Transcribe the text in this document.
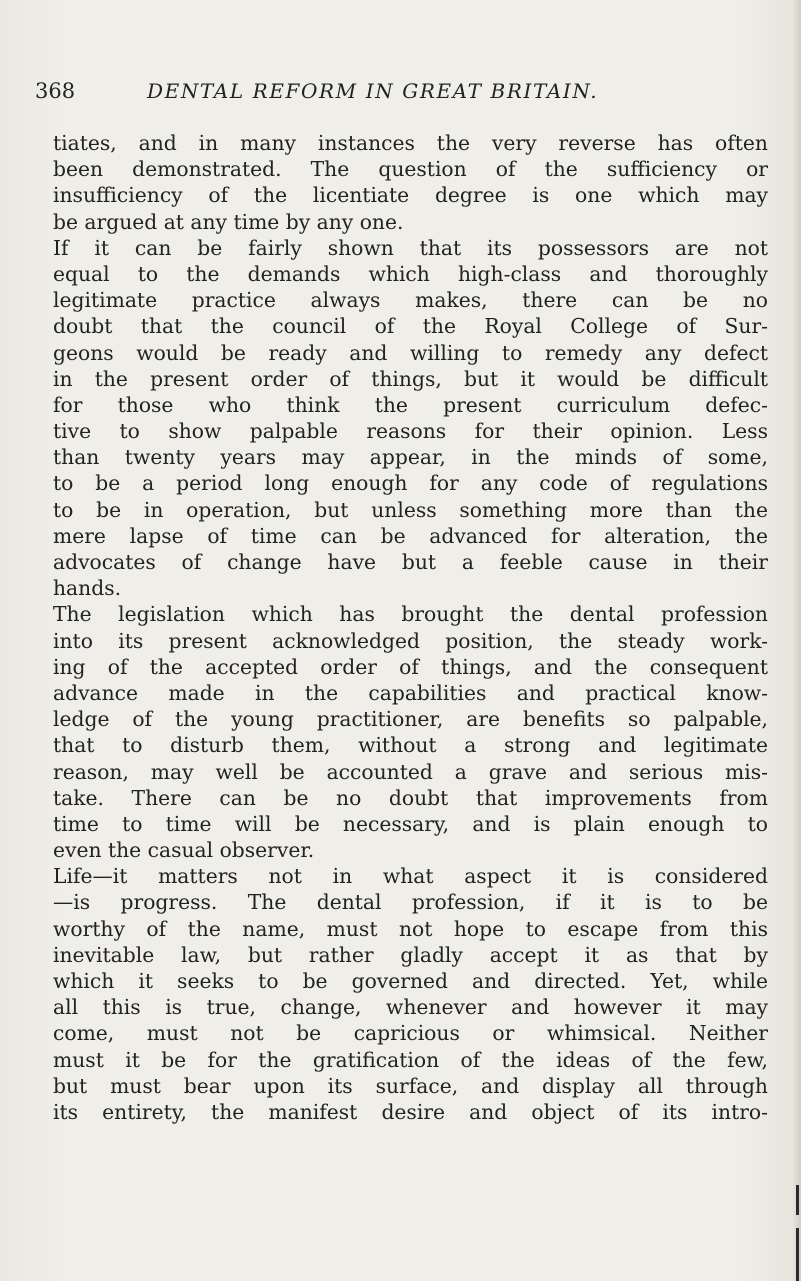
368	DENTAL REFORM IN GREAT BRITAIN.
tiates, and in many instances the very reverse has often
been demonstrated. The question of the sufficiency or
insufficiency of the licentiate degree is one which may
be argued at any time by any one.
If it can be fairly shown that its possessors are not
equal to the demands which high-class and thoroughly
legitimate practice always makes, there can be no
doubt that the council of the Royal College of Sur-
geons would be ready and willing to remedy any defect
in the present order of things, but it would be difficult
for those who think the present curriculum defec-
tive to show palpable reasons for their opinion. Less
than twenty years may appear, in the minds of some,
to be a period long enough for any code of regulations
to be in operation, but unless something more than the
mere lapse of time can be advanced for alteration, the
advocates of change have but a feeble cause in their
hands.
The legislation which has brought the dental profession
into its present acknowledged position, the steady work-
ing of the accepted order of things, and the consequent
advance made in the capabilities and practical know-
ledge of the young practitioner, are benefits so palpable,
that to disturb them, without a strong and legitimate
reason, may well be accounted a grave and serious mis-
take. There can be no doubt that improvements from
time to time will be necessary, and is plain enough to
even the casual observer.
Life—it matters not in what aspect it is considered
—is progress. The dental profession, if it is to be
worthy of the name, must not hope to escape from this
inevitable law, but rather gladly accept it as that by
which it seeks to be governed and directed. Yet, while
all this is true, change, whenever and however it may
come, must not be capricious or whimsical. Neither
must it be for the gratification of the ideas of the few,
but must bear upon its surface, and display all through
its entirety, the manifest desire and object of its intro-
